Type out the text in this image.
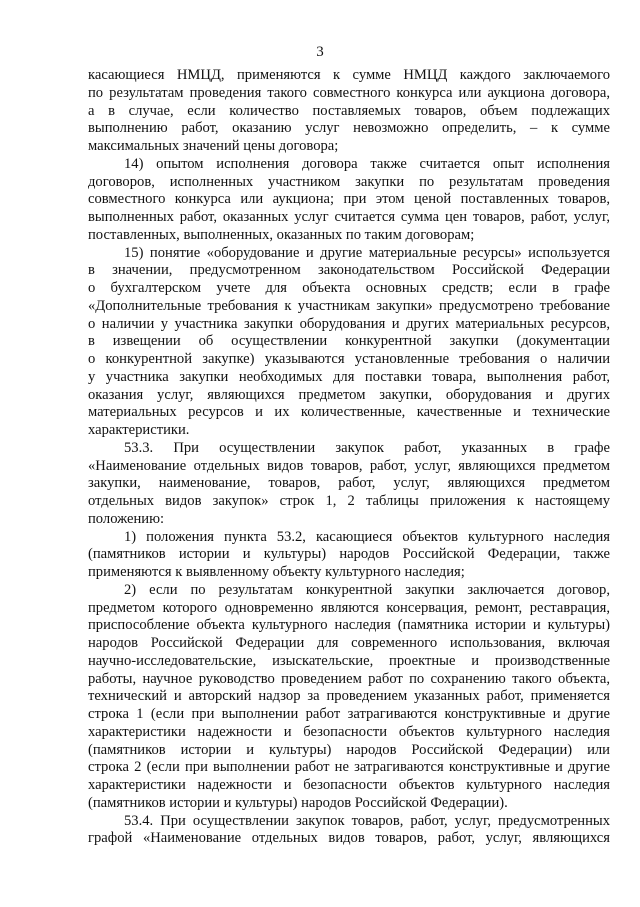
3
касающиеся НМЦД, применяются к сумме НМЦД каждого заключаемого
по результатам проведения такого совместного конкурса или аукциона договора,
а в случае, если количество поставляемых товаров, объем подлежащих
выполнению работ, оказанию услуг невозможно определить, – к сумме
максимальных значений цены договора;
14) опытом исполнения договора также считается опыт исполнения
договоров, исполненных участником закупки по результатам проведения
совместного конкурса или аукциона; при этом ценой поставленных товаров,
выполненных работ, оказанных услуг считается сумма цен товаров, работ, услуг,
поставленных, выполненных, оказанных по таким договорам;
15) понятие «оборудование и другие материальные ресурсы» используется
в значении, предусмотренном законодательством Российской Федерации
о бухгалтерском учете для объекта основных средств; если в графе
«Дополнительные требования к участникам закупки» предусмотрено требование
о наличии у участника закупки оборудования и других материальных ресурсов,
в извещении об осуществлении конкурентной закупки (документации
о конкурентной закупке) указываются установленные требования о наличии
у участника закупки необходимых для поставки товара, выполнения работ,
оказания услуг, являющихся предметом закупки, оборудования и других
материальных ресурсов и их количественные, качественные и технические
характеристики.
53.3. При осуществлении закупок работ, указанных в графе
«Наименование отдельных видов товаров, работ, услуг, являющихся предметом
закупки, наименование, товаров, работ, услуг, являющихся предметом
отдельных видов закупок» строк 1, 2 таблицы приложения к настоящему
положению:
1) положения пункта 53.2, касающиеся объектов культурного наследия
(памятников истории и культуры) народов Российской Федерации, также
применяются к выявленному объекту культурного наследия;
2) если по результатам конкурентной закупки заключается договор,
предметом которого одновременно являются консервация, ремонт, реставрация,
приспособление объекта культурного наследия (памятника истории и культуры)
народов Российской Федерации для современного использования, включая
научно-исследовательские, изыскательские, проектные и производственные
работы, научное руководство проведением работ по сохранению такого объекта,
технический и авторский надзор за проведением указанных работ, применяется
строка 1 (если при выполнении работ затрагиваются конструктивные и другие
характеристики надежности и безопасности объектов культурного наследия
(памятников истории и культуры) народов Российской Федерации) или
строка 2 (если при выполнении работ не затрагиваются конструктивные и другие
характеристики надежности и безопасности объектов культурного наследия
(памятников истории и культуры) народов Российской Федерации).
53.4. При осуществлении закупок товаров, работ, услуг, предусмотренных
графой «Наименование отдельных видов товаров, работ, услуг, являющихся
